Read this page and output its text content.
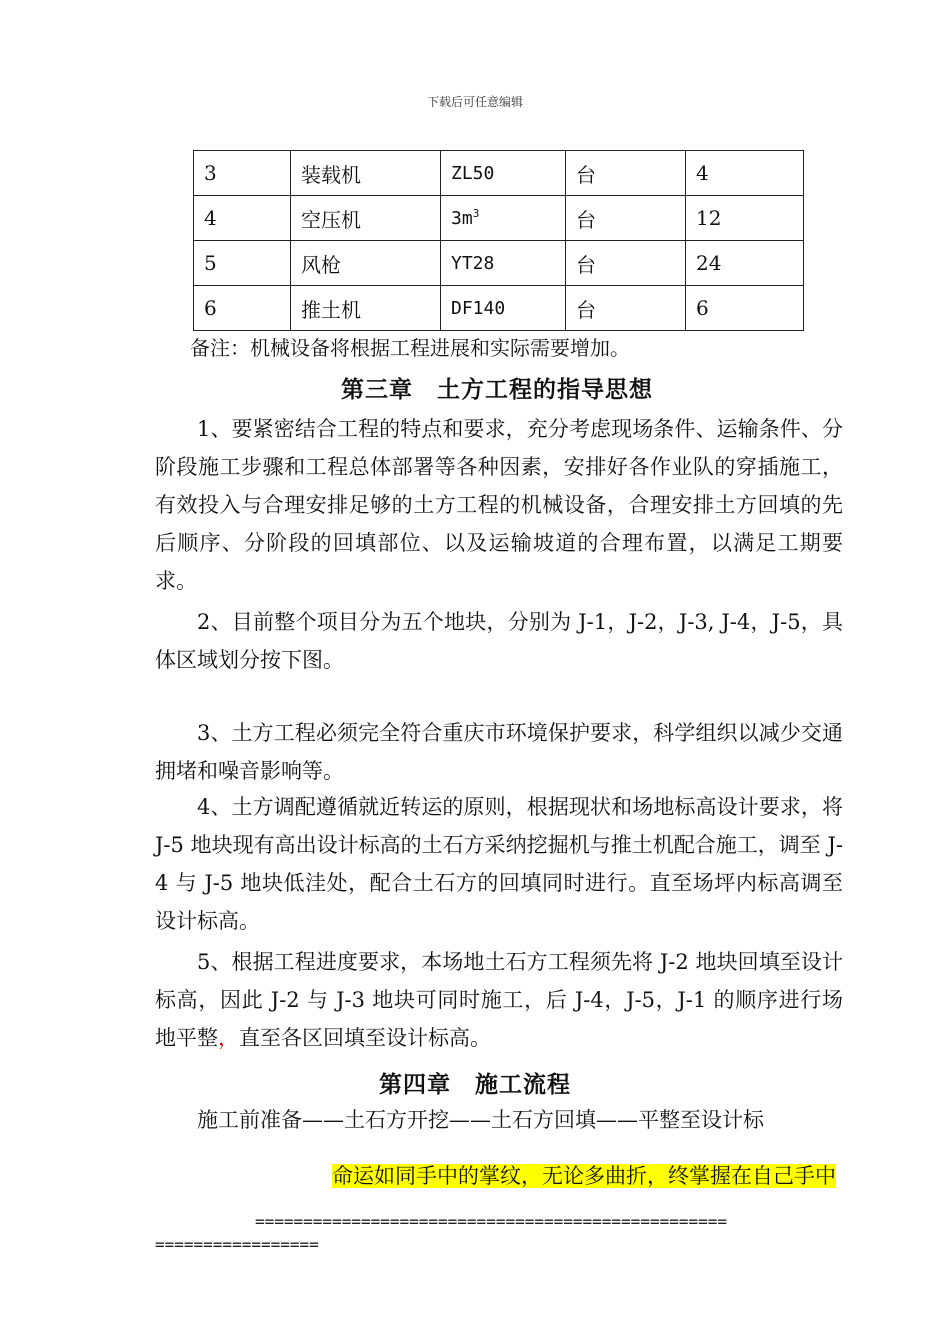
下载后可任意编辑
3	装载机	ZL50	台	4
4	空压机	$3m^3$	台	12
5	风枪	YT28	台	24
6	推土机	DF140	台	6
备注：机械设备将根据工程进展和实际需要增加。
第三章　土方工程的指导思想
1、要紧密结合工程的特点和要求，充分考虑现场条件、运输条件、分阶段施工步骤和工程总体部署等各种因素，安排好各作业队的穿插施工，有效投入与合理安排足够的土方工程的机械设备，合理安排土方回填的先后顺序、分阶段的回填部位、以及运输坡道的合理布置，以满足工期要求。
2、目前整个项目分为五个地块，分别为 J-1，J-2，J-3, J-4，J-5，具体区域划分按下图。
3、土方工程必须完全符合重庆市环境保护要求，科学组织以减少交通拥堵和噪音影响等。
4、土方调配遵循就近转运的原则，根据现状和场地标高设计要求，将 J-5 地块现有高出设计标高的土石方采纳挖掘机与推土机配合施工，调至 J-4 与 J-5 地块低洼处，配合土石方的回填同时进行。直至场坪内标高调至设计标高。
5、根据工程进度要求，本场地土石方工程须先将 J-2 地块回填至设计标高，因此 J-2 与 J-3 地块可同时施工，后 J-4，J-5，J-1 的顺序进行场地平整，直至各区回填至设计标高。
第四章　施工流程
施工前准备——土石方开挖——土石方回填——平整至设计标
命运如同手中的掌纹，无论多曲折，终掌握在自己手中
=================================================
=================
